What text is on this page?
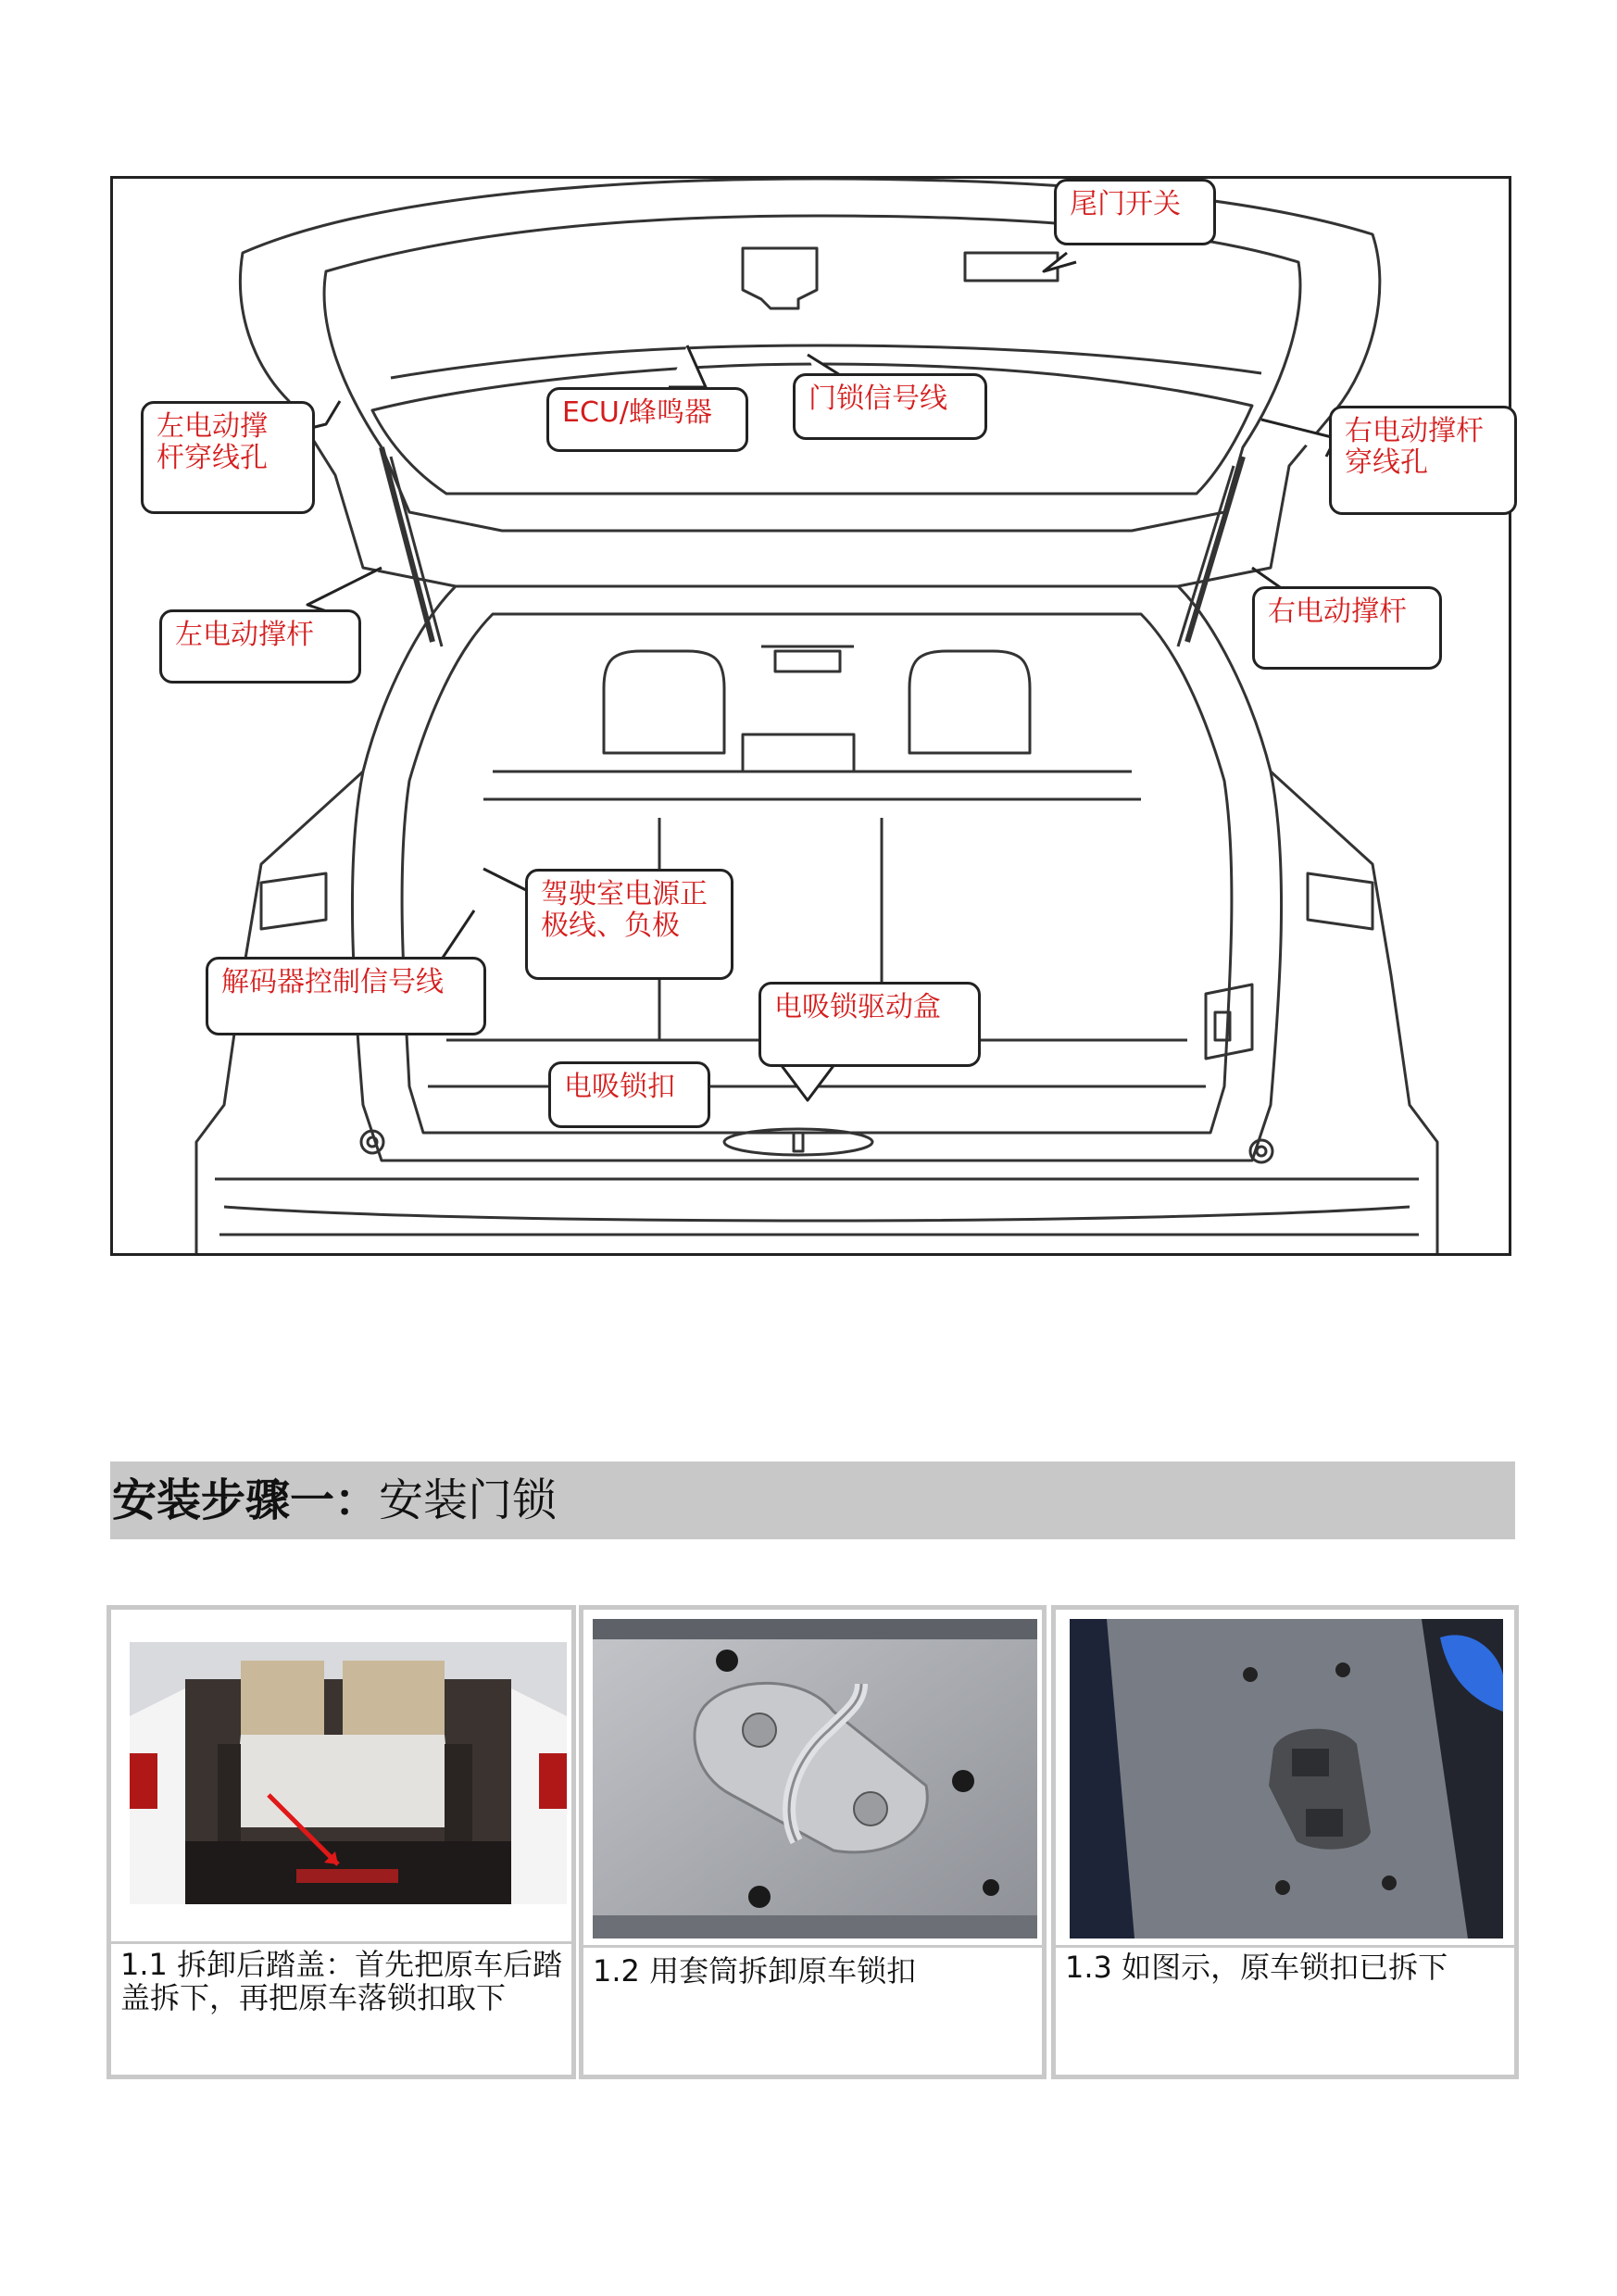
尾门开关
ECU/蜂鸣器	门锁信号线
左电动撑
杆穿线孔
右电动撑杆
穿线孔
左电动撑杆
右电动撑杆
驾驶室电源正
极线、负极
解码器控制信号线
电吸锁驱动盒
电吸锁扣
安装步骤一：安装门锁
1.1 拆卸后踏盖：首先把原车后踏
盖拆下，再把原车落锁扣取下
1.2 用套筒拆卸原车锁扣	1.3 如图示，原车锁扣已拆下
